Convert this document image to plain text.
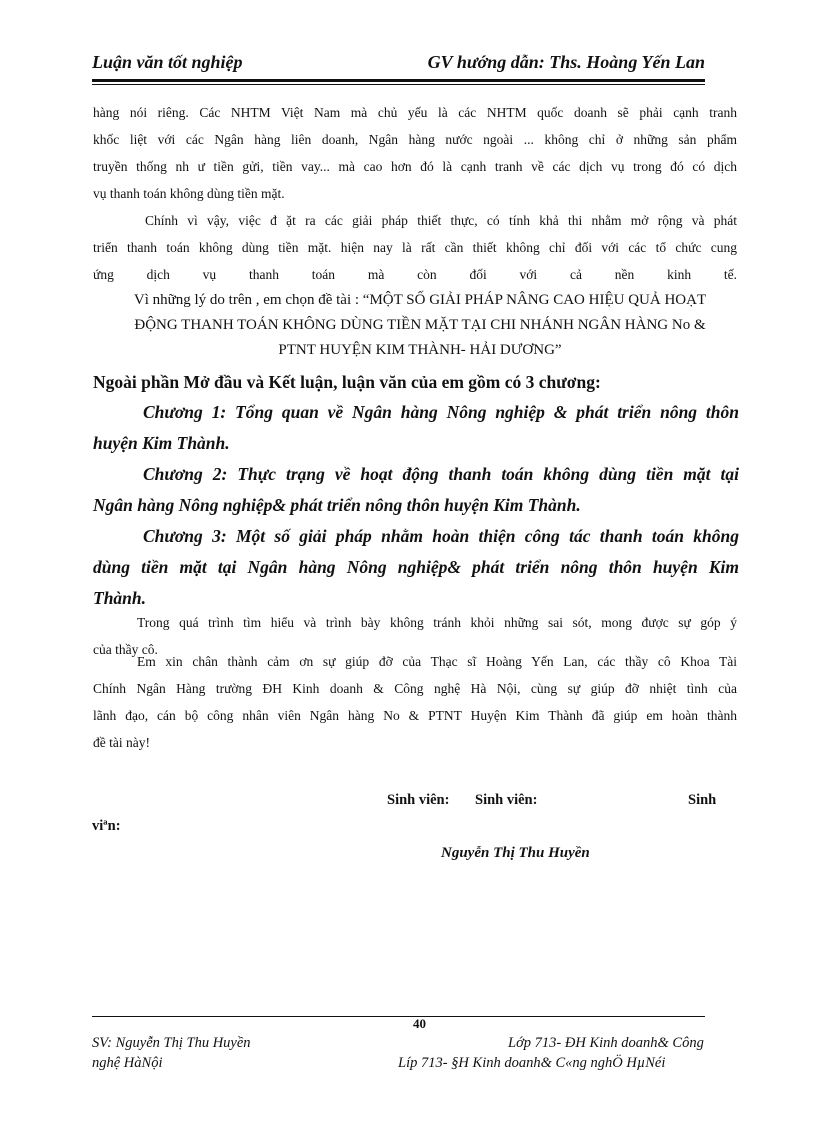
Luận văn tốt nghiệp	GV hướng dẫn: Ths. Hoàng Yến Lan

hàng nói riêng. Các NHTM Việt Nam mà chủ yếu là các NHTM quốc doanh sẽ phải cạnh tranh
khốc liệt với các Ngân hàng liên doanh, Ngân hàng nước ngoài ... không chỉ ở những sản phẩm
truyền thống nh ư tiền gửi, tiền vay... mà cao hơn đó là cạnh tranh về các dịch vụ trong đó có dịch
vụ thanh toán không dùng tiền mặt.

Chính vì vậy, việc đ ặt ra các giải pháp thiết thực, có tính khả thi nhằm mở rộng và phát
triển thanh toán không dùng tiền mặt. hiện nay là rất cần thiết không chỉ đối với các tổ chức cung
ứng dịch vụ thanh toán mà còn đối với cả nền kinh tế.

Vì những lý do trên , em chọn đề tài : “MỘT SỐ GIẢI PHÁP NÂNG CAO HIỆU QUẢ HOẠT
ĐỘNG THANH TOÁN KHÔNG DÙNG TIỀN MẶT TẠI CHI NHÁNH NGÂN HÀNG No &
PTNT HUYỆN KIM THÀNH- HẢI DƯƠNG”

Ngoài phần Mở đầu và Kết luận, luận văn của em gồm có 3 chương:

Chương 1: Tổng quan về Ngân hàng Nông nghiệp & phát triển nông thôn
huyện Kim Thành.

Chương 2: Thực trạng về hoạt động thanh toán không dùng tiền mặt tại
Ngân hàng Nông nghiệp& phát triển nông thôn huyện Kim Thành.

Chương 3: Một số giải pháp nhằm hoàn thiện công tác thanh toán không
dùng tiền mặt tại Ngân hàng Nông nghiệp& phát triển nông thôn huyện Kim
Thành.

Trong quá trình tìm hiểu và trình bày không tránh khỏi những sai sót, mong được sự góp ý
của thầy cô.

Em xin chân thành cảm ơn sự giúp đỡ của Thạc sĩ Hoàng Yến Lan, các thầy cô Khoa Tài
Chính Ngân Hàng trường ĐH Kinh doanh & Công nghệ Hà Nội, cùng sự giúp đỡ nhiệt tình của
lãnh đạo, cán bộ công nhân viên Ngân hàng No & PTNT Huyện Kim Thành đã giúp em hoàn thành
đề tài này!

Sinh viên: Sinh viên:	Sinh
viªn:
Nguyễn Thị Thu Huyền
40
SV: Nguyễn Thị Thu Huyền	Lớp 713- ĐH Kinh doanh& Công
nghệ HàNội	Líp 713- §H Kinh doanh& C«ng nghÖ HµNéi
